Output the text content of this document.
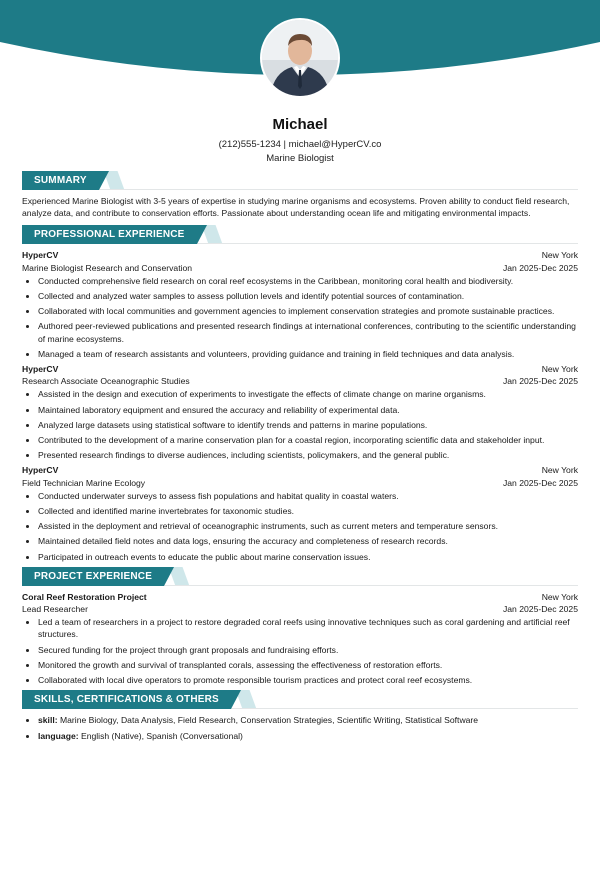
Michael
(212)555-1234 | michael@HyperCV.co
Marine Biologist
SUMMARY

Experienced Marine Biologist with 3-5 years of expertise in studying marine organisms and ecosystems. Proven ability to conduct field research, analyze data, and contribute to conservation efforts. Passionate about understanding ocean life and mitigating environmental impacts.

PROFESSIONAL EXPERIENCE
HyperCV	New York
Marine Biologist Research and Conservation	Jan 2025-Dec 2025
• Conducted comprehensive field research on coral reef ecosystems in the Caribbean, monitoring coral health and biodiversity.
• Collected and analyzed water samples to assess pollution levels and identify potential sources of contamination.
• Collaborated with local communities and government agencies to implement conservation strategies and promote sustainable practices.
• Authored peer-reviewed publications and presented research findings at international conferences, contributing to the scientific understanding of marine ecosystems.
• Managed a team of research assistants and volunteers, providing guidance and training in field techniques and data analysis.
HyperCV	New York
Research Associate Oceanographic Studies	Jan 2025-Dec 2025
• Assisted in the design and execution of experiments to investigate the effects of climate change on marine organisms.
• Maintained laboratory equipment and ensured the accuracy and reliability of experimental data.
• Analyzed large datasets using statistical software to identify trends and patterns in marine populations.
• Contributed to the development of a marine conservation plan for a coastal region, incorporating scientific data and stakeholder input.
• Presented research findings to diverse audiences, including scientists, policymakers, and the general public.
HyperCV	New York
Field Technician Marine Ecology	Jan 2025-Dec 2025
• Conducted underwater surveys to assess fish populations and habitat quality in coastal waters.
• Collected and identified marine invertebrates for taxonomic studies.
• Assisted in the deployment and retrieval of oceanographic instruments, such as current meters and temperature sensors.
• Maintained detailed field notes and data logs, ensuring the accuracy and completeness of research records.
• Participated in outreach events to educate the public about marine conservation issues.
PROJECT EXPERIENCE
Coral Reef Restoration Project	New York
Lead Researcher	Jan 2025-Dec 2025
• Led a team of researchers in a project to restore degraded coral reefs using innovative techniques such as coral gardening and artificial reef structures.
• Secured funding for the project through grant proposals and fundraising efforts.
• Monitored the growth and survival of transplanted corals, assessing the effectiveness of restoration efforts.
• Collaborated with local dive operators to promote responsible tourism practices and protect coral reef ecosystems.
SKILLS, CERTIFICATIONS & OTHERS
• skill: Marine Biology, Data Analysis, Field Research, Conservation Strategies, Scientific Writing, Statistical Software
• language: English (Native), Spanish (Conversational)
